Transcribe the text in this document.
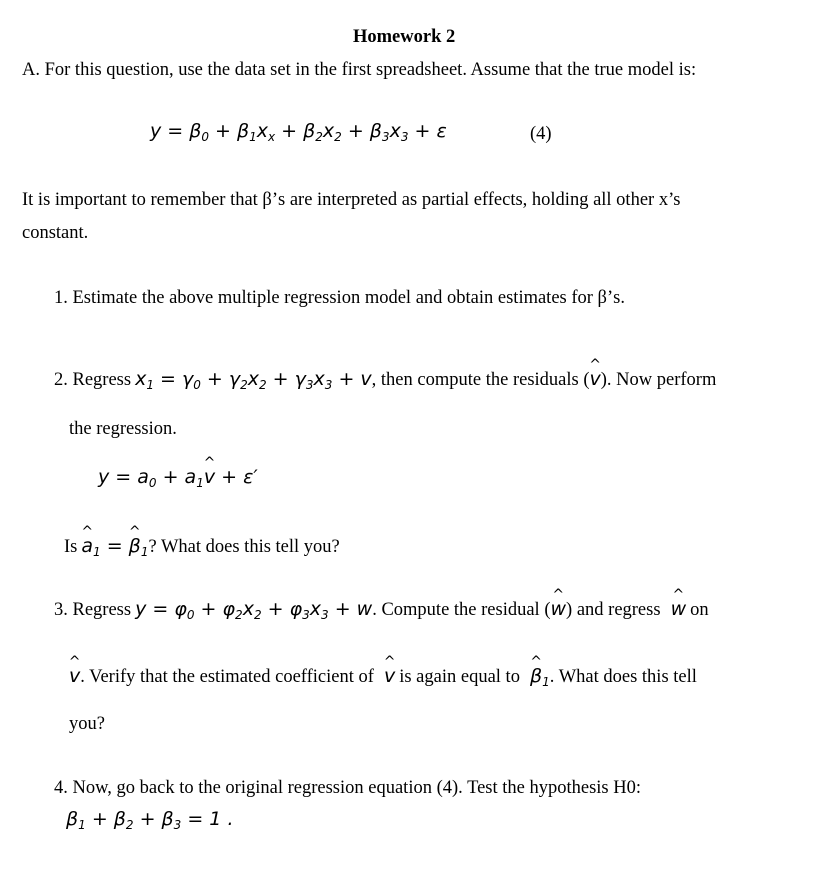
Homework 2
A. For this question, use the data set in the first spreadsheet. Assume that the true model is:
$y = \beta_0 + \beta_1x_x + \beta_2x_2 + \beta_3x_3 + \varepsilon$	(4)
It is important to remember that β’s are interpreted as partial effects, holding all other x’s
constant.
1. Estimate the above multiple regression model and obtain estimates for β’s.
2. Regress $x_1 = \gamma_0 + \gamma_2x_2 + \gamma_3x_3 + v$, then compute the residuals (^ v). Now perform
the regression.
$y = a_0$ + $a_1\^{}$ v + ε′
Is ^ $a_1$ = ^ $\beta_1$? What does this tell you?
3. Regress $y = \varphi_0 + \varphi_2x_2 + \varphi_3x_3 + w$. Compute the residual (^ w) and regress ^ w on
^ v. Verify that the estimated coefficient of ^ v is again equal to ^ $\beta_1$. What does this tell
you?
4. Now, go back to the original regression equation (4). Test the hypothesis H0:
$\beta_1 + \beta_2 + \beta_3 = 1$ .
